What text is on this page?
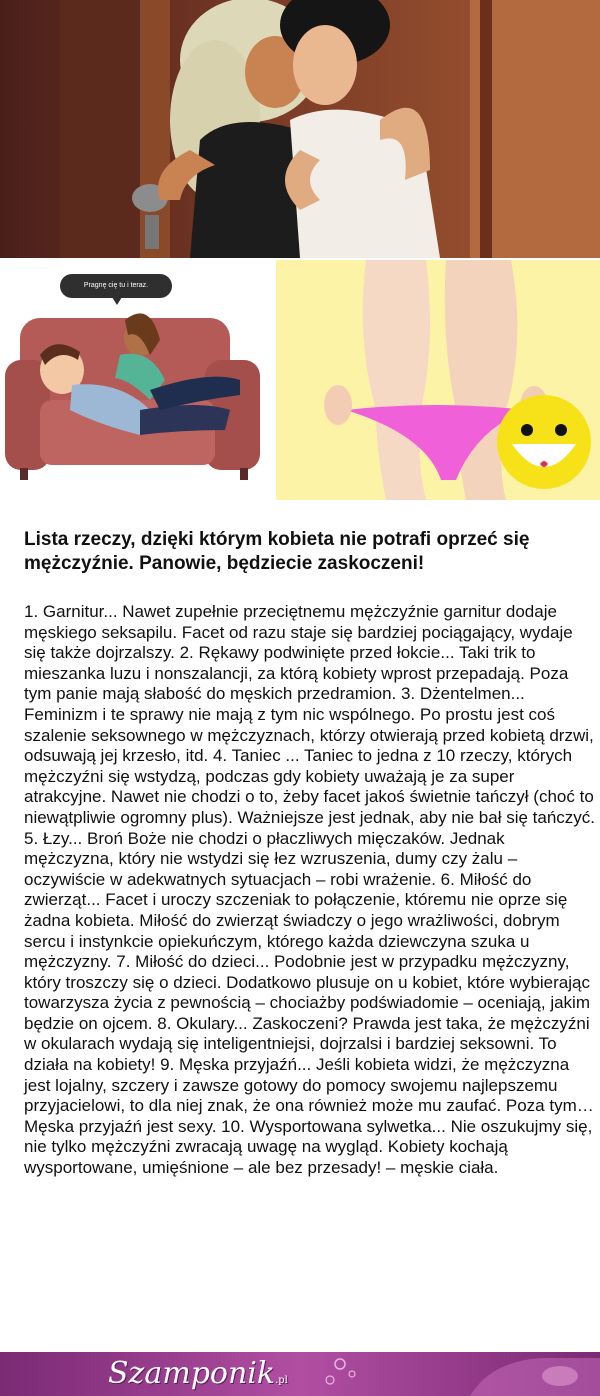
Pragnę cię tu i teraz.
Lista rzeczy, dzięki którym kobieta nie potrafi oprzeć się mężczyźnie. Panowie, będziecie zaskoczeni!

1. Garnitur... Nawet zupełnie przeciętnemu mężczyźnie garnitur dodaje męskiego seksapilu. Facet od razu staje się bardziej pociągający, wydaje się także dojrzalszy. 2. Rękawy podwinięte przed łokcie... Taki trik to mieszanka luzu i nonszalancji, za którą kobiety wprost przepadają. Poza tym panie mają słabość do męskich przedramion. 3. Dżentelmen... Feminizm i te sprawy nie mają z tym nic wspólnego. Po prostu jest coś szalenie seksownego w mężczyznach, którzy otwierają przed kobietą drzwi, odsuwają jej krzesło, itd. 4. Taniec ... Taniec to jedna z 10 rzeczy, których mężczyźni się wstydzą, podczas gdy kobiety uważają je za super atrakcyjne. Nawet nie chodzi o to, żeby facet jakoś świetnie tańczył (choć to niewątpliwie ogromny plus). Ważniejsze jest jednak, aby nie bał się tańczyć. 5. Łzy... Broń Boże nie chodzi o płaczliwych mięczaków. Jednak mężczyzna, który nie wstydzi się łez wzruszenia, dumy czy żalu – oczywiście w adekwatnych sytuacjach – robi wrażenie. 6. Miłość do zwierząt... Facet i uroczy szczeniak to połączenie, któremu nie oprze się żadna kobieta. Miłość do zwierząt świadczy o jego wrażliwości, dobrym sercu i instynkcie opiekuńczym, którego każda dziewczyna szuka u mężczyzny. 7. Miłość do dzieci... Podobnie jest w przypadku mężczyzny, który troszczy się o dzieci. Dodatkowo plusuje on u kobiet, które wybierając towarzysza życia z pewnością – chociażby podświadomie – oceniają, jakim będzie on ojcem. 8. Okulary... Zaskoczeni? Prawda jest taka, że mężczyźni w okularach wydają się inteligentniejsi, dojrzalsi i bardziej seksowni. To działa na kobiety! 9. Męska przyjaźń... Jeśli kobieta widzi, że mężczyzna jest lojalny, szczery i zawsze gotowy do pomocy swojemu najlepszemu przyjacielowi, to dla niej znak, że ona również może mu zaufać. Poza tym… Męska przyjaźń jest sexy. 10. Wysportowana sylwetka... Nie oszukujmy się, nie tylko mężczyźni zwracają uwagę na wygląd. Kobiety kochają wysportowane, umięśnione – ale bez przesady! – męskie ciała.

Szamponik.pl
